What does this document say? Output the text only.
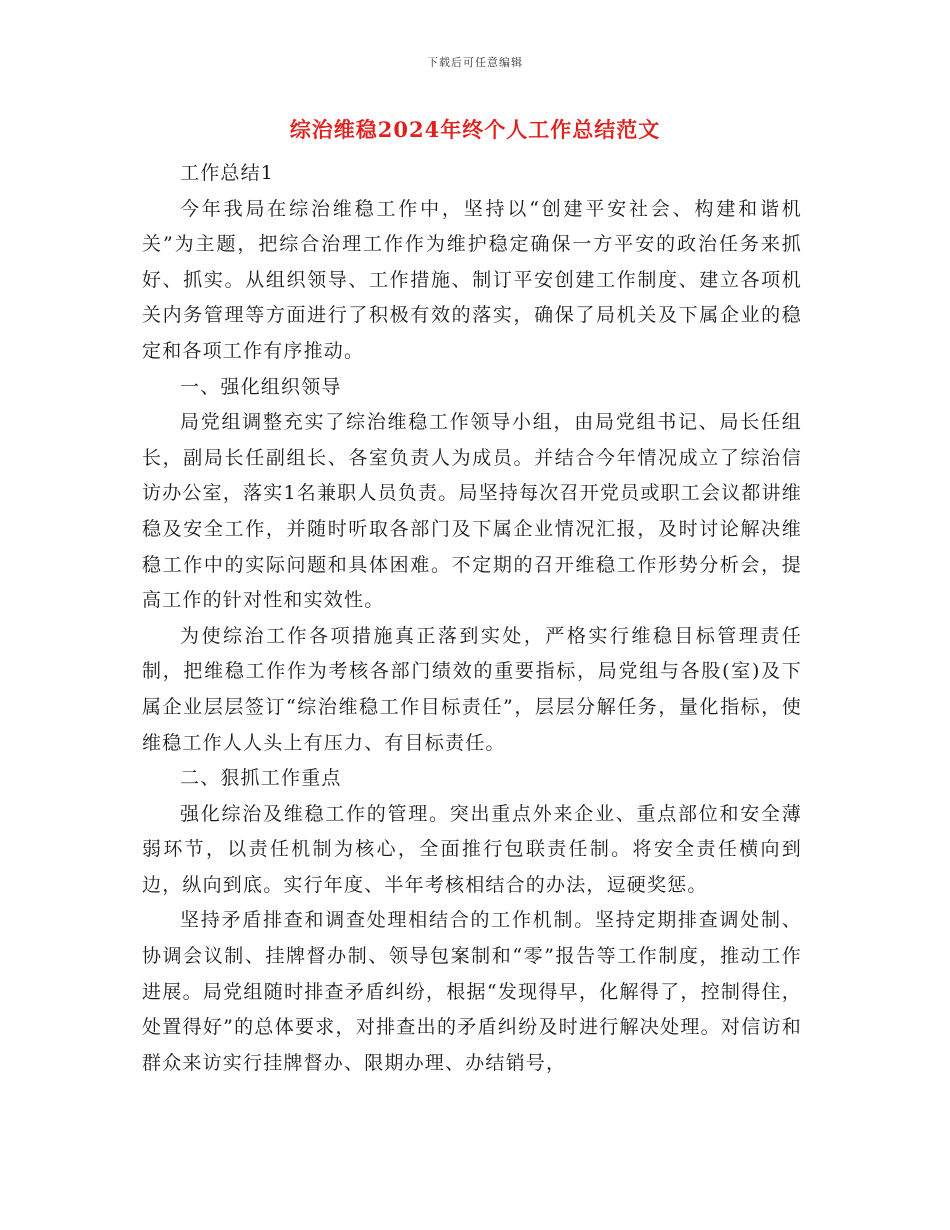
下载后可任意编辑
综治维稳2024年终个人工作总结范文

工作总结1

今年我局在综治维稳工作中，坚持以“创建平安社会、构建和谐机关”为主题，把综合治理工作作为维护稳定确保一方平安的政治任务来抓好、抓实。从组织领导、工作措施、制订平安创建工作制度、建立各项机关内务管理等方面进行了积极有效的落实，确保了局机关及下属企业的稳定和各项工作有序推动。

一、强化组织领导

局党组调整充实了综治维稳工作领导小组，由局党组书记、局长任组长，副局长任副组长、各室负责人为成员。并结合今年情况成立了综治信访办公室，落实1名兼职人员负责。局坚持每次召开党员或职工会议都讲维稳及安全工作，并随时听取各部门及下属企业情况汇报，及时讨论解决维稳工作中的实际问题和具体困难。不定期的召开维稳工作形势分析会，提高工作的针对性和实效性。

为使综治工作各项措施真正落到实处，严格实行维稳目标管理责任制，把维稳工作作为考核各部门绩效的重要指标，局党组与各股(室)及下属企业层层签订“综治维稳工作目标责任”，层层分解任务，量化指标，使维稳工作人人头上有压力、有目标责任。

二、狠抓工作重点

强化综治及维稳工作的管理。突出重点外来企业、重点部位和安全薄弱环节，以责任机制为核心，全面推行包联责任制。将安全责任横向到边，纵向到底。实行年度、半年考核相结合的办法，逗硬奖惩。

坚持矛盾排查和调查处理相结合的工作机制。坚持定期排查调处制、协调会议制、挂牌督办制、领导包案制和“零”报告等工作制度，推动工作进展。局党组随时排查矛盾纠纷，根据“发现得早，化解得了，控制得住，处置得好”的总体要求，对排查出的矛盾纠纷及时进行解决处理。对信访和群众来访实行挂牌督办、限期办理、办结销号，
